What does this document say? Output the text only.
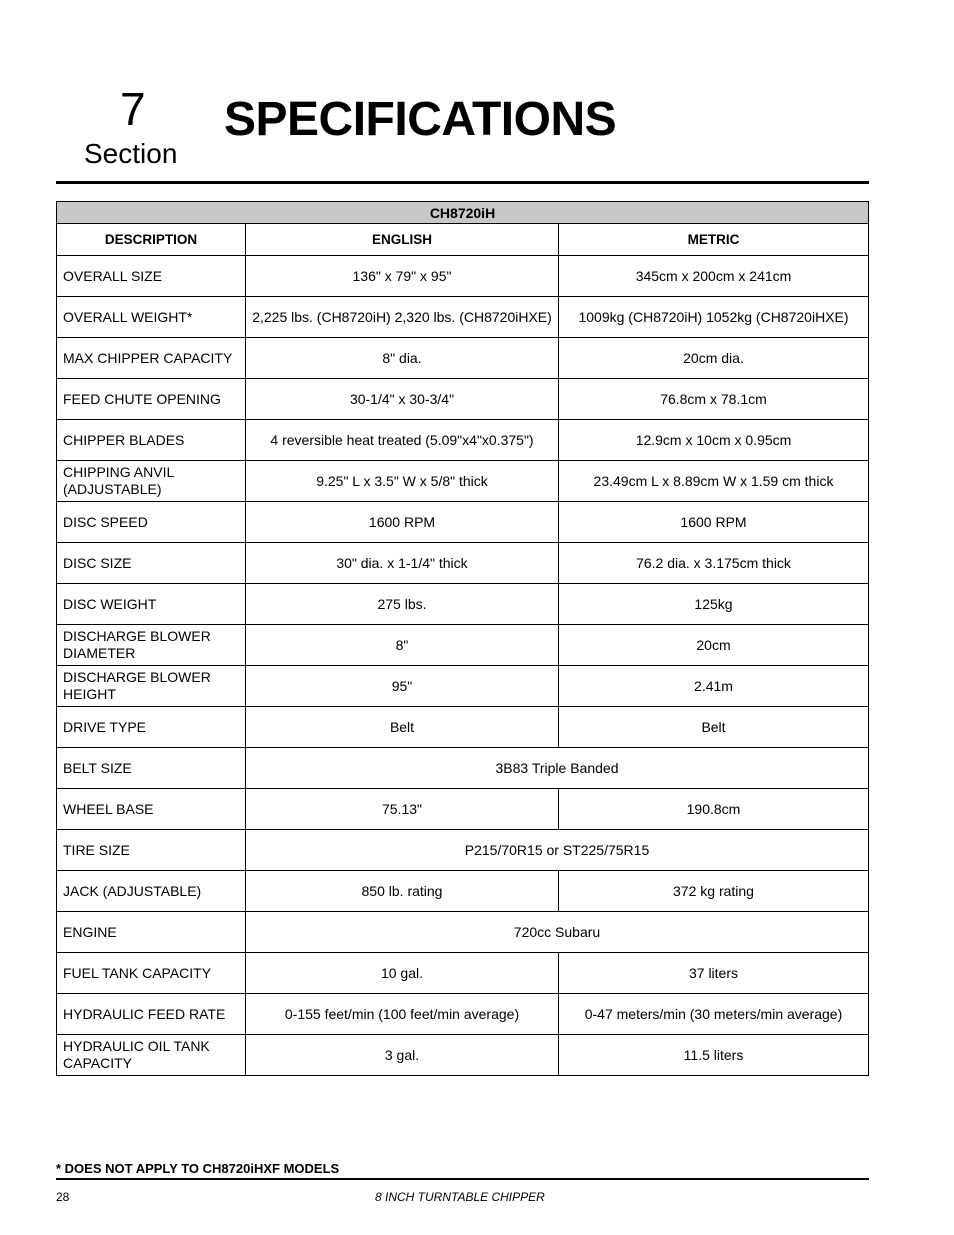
7
Section
SPECIFICATIONS
CH8720iH		
DESCRIPTION	ENGLISH	METRIC
OVERALL SIZE	136" x 79" x 95"	345cm x 200cm x 241cm
OVERALL WEIGHT*	2,225 lbs. (CH8720iH) 2,320 lbs. (CH8720iHXE)	1009kg (CH8720iH) 1052kg (CH8720iHXE)
MAX CHIPPER CAPACITY	8" dia.	20cm dia.
FEED CHUTE OPENING	30-1/4" x 30-3/4"	76.8cm x 78.1cm
CHIPPER BLADES	4 reversible heat treated (5.09"x4"x0.375")	12.9cm x 10cm x 0.95cm
CHIPPING ANVIL (ADJUSTABLE)	9.25" L x 3.5" W x 5/8" thick	23.49cm L x 8.89cm W x 1.59 cm thick
DISC SPEED	1600 RPM	1600 RPM
DISC SIZE	30" dia. x 1-1/4" thick	76.2 dia. x 3.175cm thick
DISC WEIGHT	275 lbs.	125kg
DISCHARGE BLOWER DIAMETER	8"	20cm
DISCHARGE BLOWER HEIGHT	95"	2.41m
DRIVE TYPE	Belt	Belt
BELT SIZE	3B83 Triple Banded	
WHEEL BASE	75.13"	190.8cm
TIRE SIZE	P215/70R15 or ST225/75R15	
JACK (ADJUSTABLE)	850 lb. rating	372 kg rating
ENGINE	720cc Subaru	
FUEL TANK CAPACITY	10 gal.	37 liters
HYDRAULIC FEED RATE	0-155 feet/min (100 feet/min average)	0-47 meters/min (30 meters/min average)
HYDRAULIC OIL TANK CAPACITY	3 gal.	11.5 liters
* DOES NOT APPLY TO CH8720iHXF MODELS
28	8 INCH TURNTABLE CHIPPER
